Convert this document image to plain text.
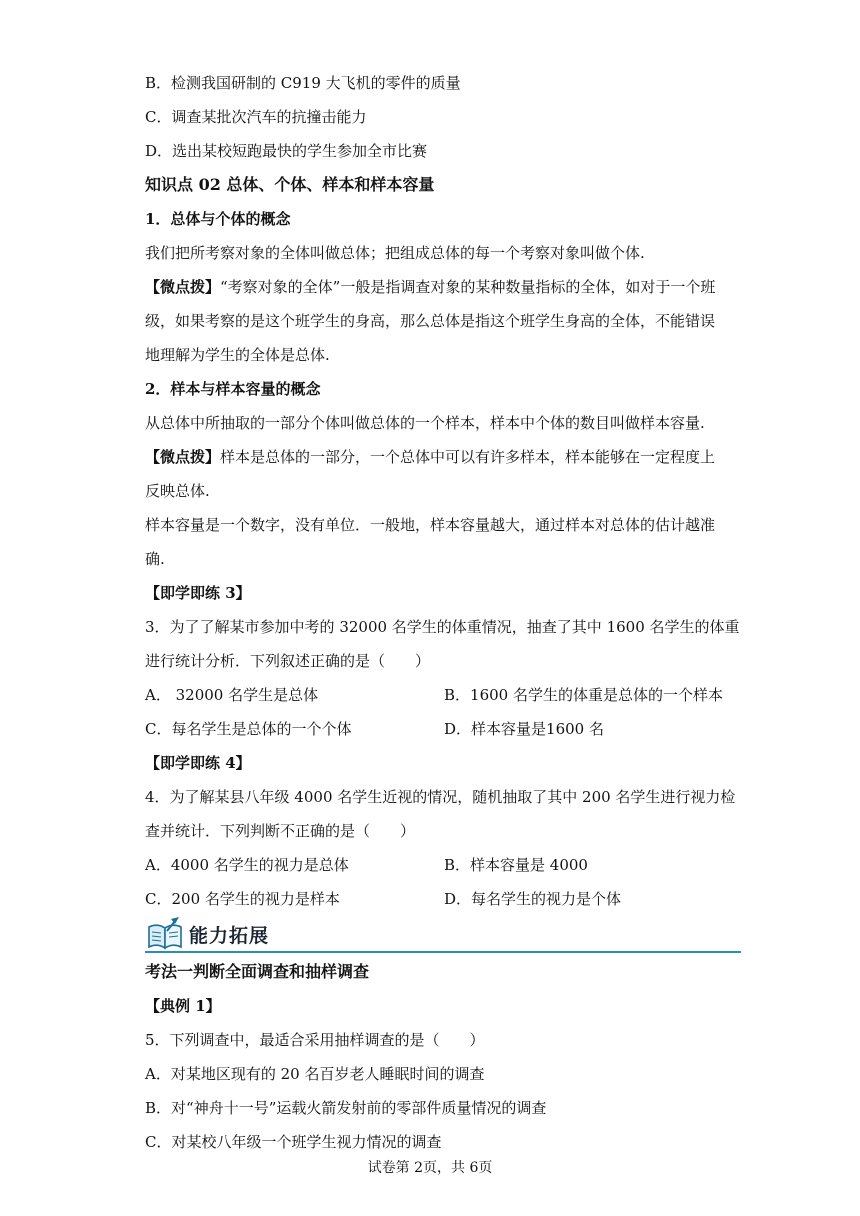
B．检测我国研制的 C919 大飞机的零件的质量
C．调查某批次汽车的抗撞击能力
D．选出某校短跑最快的学生参加全市比赛
知识点 02 总体、个体、样本和样本容量
1．总体与个体的概念
我们把所考察对象的全体叫做总体；把组成总体的每一个考察对象叫做个体.
【微点拨】“考察对象的全体”一般是指调查对象的某种数量指标的全体，如对于一个班
级，如果考察的是这个班学生的身高，那么总体是指这个班学生身高的全体，不能错误
地理解为学生的全体是总体.
2．样本与样本容量的概念
从总体中所抽取的一部分个体叫做总体的一个样本，样本中个体的数目叫做样本容量.
【微点拨】样本是总体的一部分，一个总体中可以有许多样本，样本能够在一定程度上
反映总体.
样本容量是一个数字，没有单位．一般地，样本容量越大，通过样本对总体的估计越准
确.
【即学即练 3】
3．为了了解某市参加中考的 32000 名学生的体重情况，抽查了其中 1600 名学生的体重
进行统计分析．下列叙述正确的是（　　）
A． 32000 名学生是总体	B．1600 名学生的体重是总体的一个样本
C．每名学生是总体的一个个体	D．样本容量是1600 名
【即学即练 4】
4．为了解某县八年级 4000 名学生近视的情况，随机抽取了其中 200 名学生进行视力检
查并统计．下列判断不正确的是（　　）
A．4000 名学生的视力是总体	B．样本容量是 4000
C．200 名学生的视力是样本	D．每名学生的视力是个体
能力拓展
考法一判断全面调查和抽样调查
【典例 1】
5．下列调查中，最适合采用抽样调查的是（　　）
A．对某地区现有的 20 名百岁老人睡眠时间的调查
B．对“神舟十一号”运载火箭发射前的零部件质量情况的调查
C．对某校八年级一个班学生视力情况的调查
试卷第 2页，共 6页
